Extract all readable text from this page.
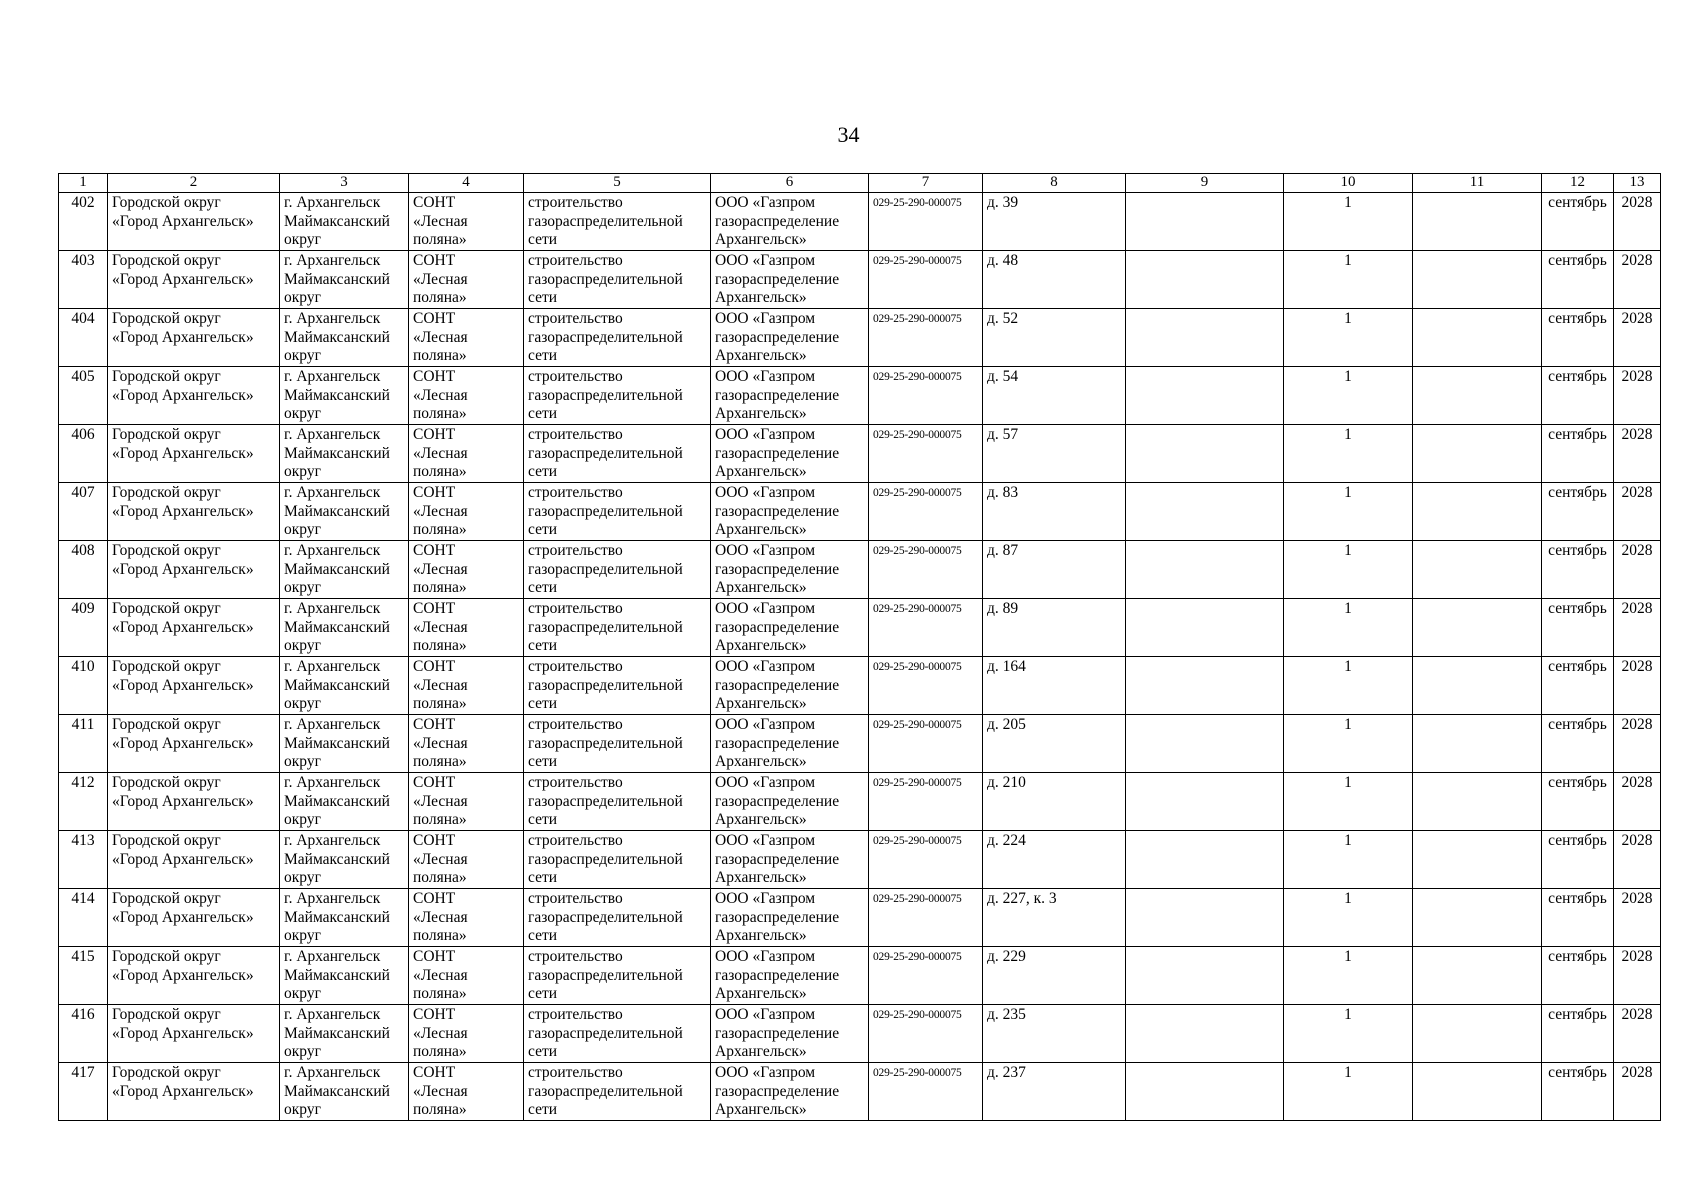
34
1	2	3	4	5	6	7	8	9	10	11	12	13
402	Городской округ
«Город Архангельск»	г. Архангельск
Маймаксанский
округ	СОНТ
«Лесная
поляна»	строительство
газораспределительной
сети	ООО «Газпром
газораспределение
Архангельск»	029-25-290-000075	д. 39		1		сентябрь	2028
403	Городской округ
«Город Архангельск»	г. Архангельск
Маймаксанский
округ	СОНТ
«Лесная
поляна»	строительство
газораспределительной
сети	ООО «Газпром
газораспределение
Архангельск»	029-25-290-000075	д. 48		1		сентябрь	2028
404	Городской округ
«Город Архангельск»	г. Архангельск
Маймаксанский
округ	СОНТ
«Лесная
поляна»	строительство
газораспределительной
сети	ООО «Газпром
газораспределение
Архангельск»	029-25-290-000075	д. 52		1		сентябрь	2028
405	Городской округ
«Город Архангельск»	г. Архангельск
Маймаксанский
округ	СОНТ
«Лесная
поляна»	строительство
газораспределительной
сети	ООО «Газпром
газораспределение
Архангельск»	029-25-290-000075	д. 54		1		сентябрь	2028
406	Городской округ
«Город Архангельск»	г. Архангельск
Маймаксанский
округ	СОНТ
«Лесная
поляна»	строительство
газораспределительной
сети	ООО «Газпром
газораспределение
Архангельск»	029-25-290-000075	д. 57		1		сентябрь	2028
407	Городской округ
«Город Архангельск»	г. Архангельск
Маймаксанский
округ	СОНТ
«Лесная
поляна»	строительство
газораспределительной
сети	ООО «Газпром
газораспределение
Архангельск»	029-25-290-000075	д. 83		1		сентябрь	2028
408	Городской округ
«Город Архангельск»	г. Архангельск
Маймаксанский
округ	СОНТ
«Лесная
поляна»	строительство
газораспределительной
сети	ООО «Газпром
газораспределение
Архангельск»	029-25-290-000075	д. 87		1		сентябрь	2028
409	Городской округ
«Город Архангельск»	г. Архангельск
Маймаксанский
округ	СОНТ
«Лесная
поляна»	строительство
газораспределительной
сети	ООО «Газпром
газораспределение
Архангельск»	029-25-290-000075	д. 89		1		сентябрь	2028
410	Городской округ
«Город Архангельск»	г. Архангельск
Маймаксанский
округ	СОНТ
«Лесная
поляна»	строительство
газораспределительной
сети	ООО «Газпром
газораспределение
Архангельск»	029-25-290-000075	д. 164		1		сентябрь	2028
411	Городской округ
«Город Архангельск»	г. Архангельск
Маймаксанский
округ	СОНТ
«Лесная
поляна»	строительство
газораспределительной
сети	ООО «Газпром
газораспределение
Архангельск»	029-25-290-000075	д. 205		1		сентябрь	2028
412	Городской округ
«Город Архангельск»	г. Архангельск
Маймаксанский
округ	СОНТ
«Лесная
поляна»	строительство
газораспределительной
сети	ООО «Газпром
газораспределение
Архангельск»	029-25-290-000075	д. 210		1		сентябрь	2028
413	Городской округ
«Город Архангельск»	г. Архангельск
Маймаксанский
округ	СОНТ
«Лесная
поляна»	строительство
газораспределительной
сети	ООО «Газпром
газораспределение
Архангельск»	029-25-290-000075	д. 224		1		сентябрь	2028
414	Городской округ
«Город Архангельск»	г. Архангельск
Маймаксанский
округ	СОНТ
«Лесная
поляна»	строительство
газораспределительной
сети	ООО «Газпром
газораспределение
Архангельск»	029-25-290-000075	д. 227, к. 3		1		сентябрь	2028
415	Городской округ
«Город Архангельск»	г. Архангельск
Маймаксанский
округ	СОНТ
«Лесная
поляна»	строительство
газораспределительной
сети	ООО «Газпром
газораспределение
Архангельск»	029-25-290-000075	д. 229		1		сентябрь	2028
416	Городской округ
«Город Архангельск»	г. Архангельск
Маймаксанский
округ	СОНТ
«Лесная
поляна»	строительство
газораспределительной
сети	ООО «Газпром
газораспределение
Архангельск»	029-25-290-000075	д. 235		1		сентябрь	2028
417	Городской округ
«Город Архангельск»	г. Архангельск
Маймаксанский
округ	СОНТ
«Лесная
поляна»	строительство
газораспределительной
сети	ООО «Газпром
газораспределение
Архангельск»	029-25-290-000075	д. 237		1		сентябрь	2028
